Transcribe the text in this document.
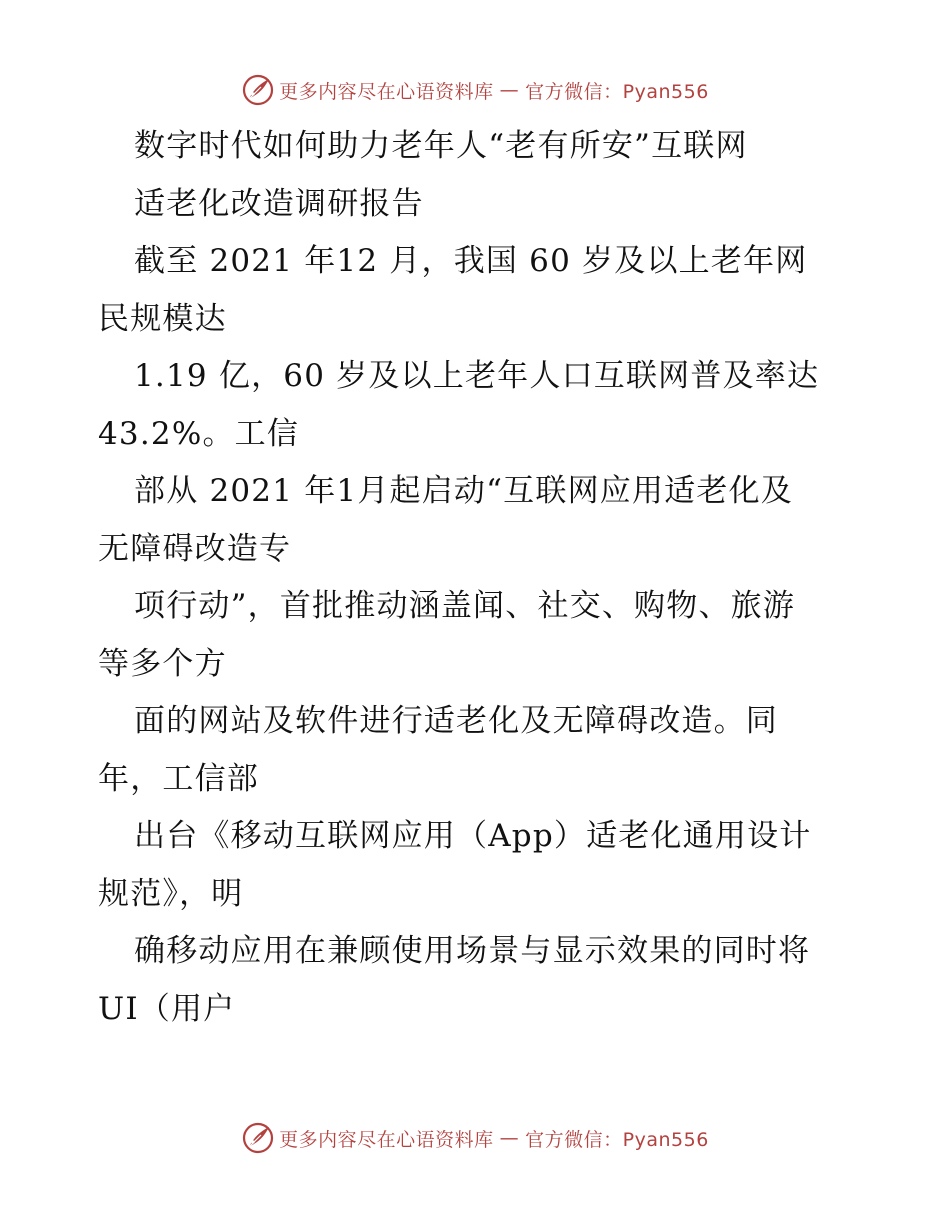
更多内容尽在心语资料库 — 官方微信：Pyan556
数字时代如何助力老年人“老有所安”互联网
适老化改造调研报告
截至 2021 年12 月，我国 60 岁及以上老年网
民规模达
1.19 亿，60 岁及以上老年人口互联网普及率达
43.2%。工信
部从 2021 年1月起启动“互联网应用适老化及
无障碍改造专
项行动”，首批推动涵盖闻、社交、购物、旅游
等多个方
面的网站及软件进行适老化及无障碍改造。同
年，工信部
出台《移动互联网应用（App）适老化通用设计
规范》，明
确移动应用在兼顾使用场景与显示效果的同时将
UI（用户
更多内容尽在心语资料库 — 官方微信：Pyan556
